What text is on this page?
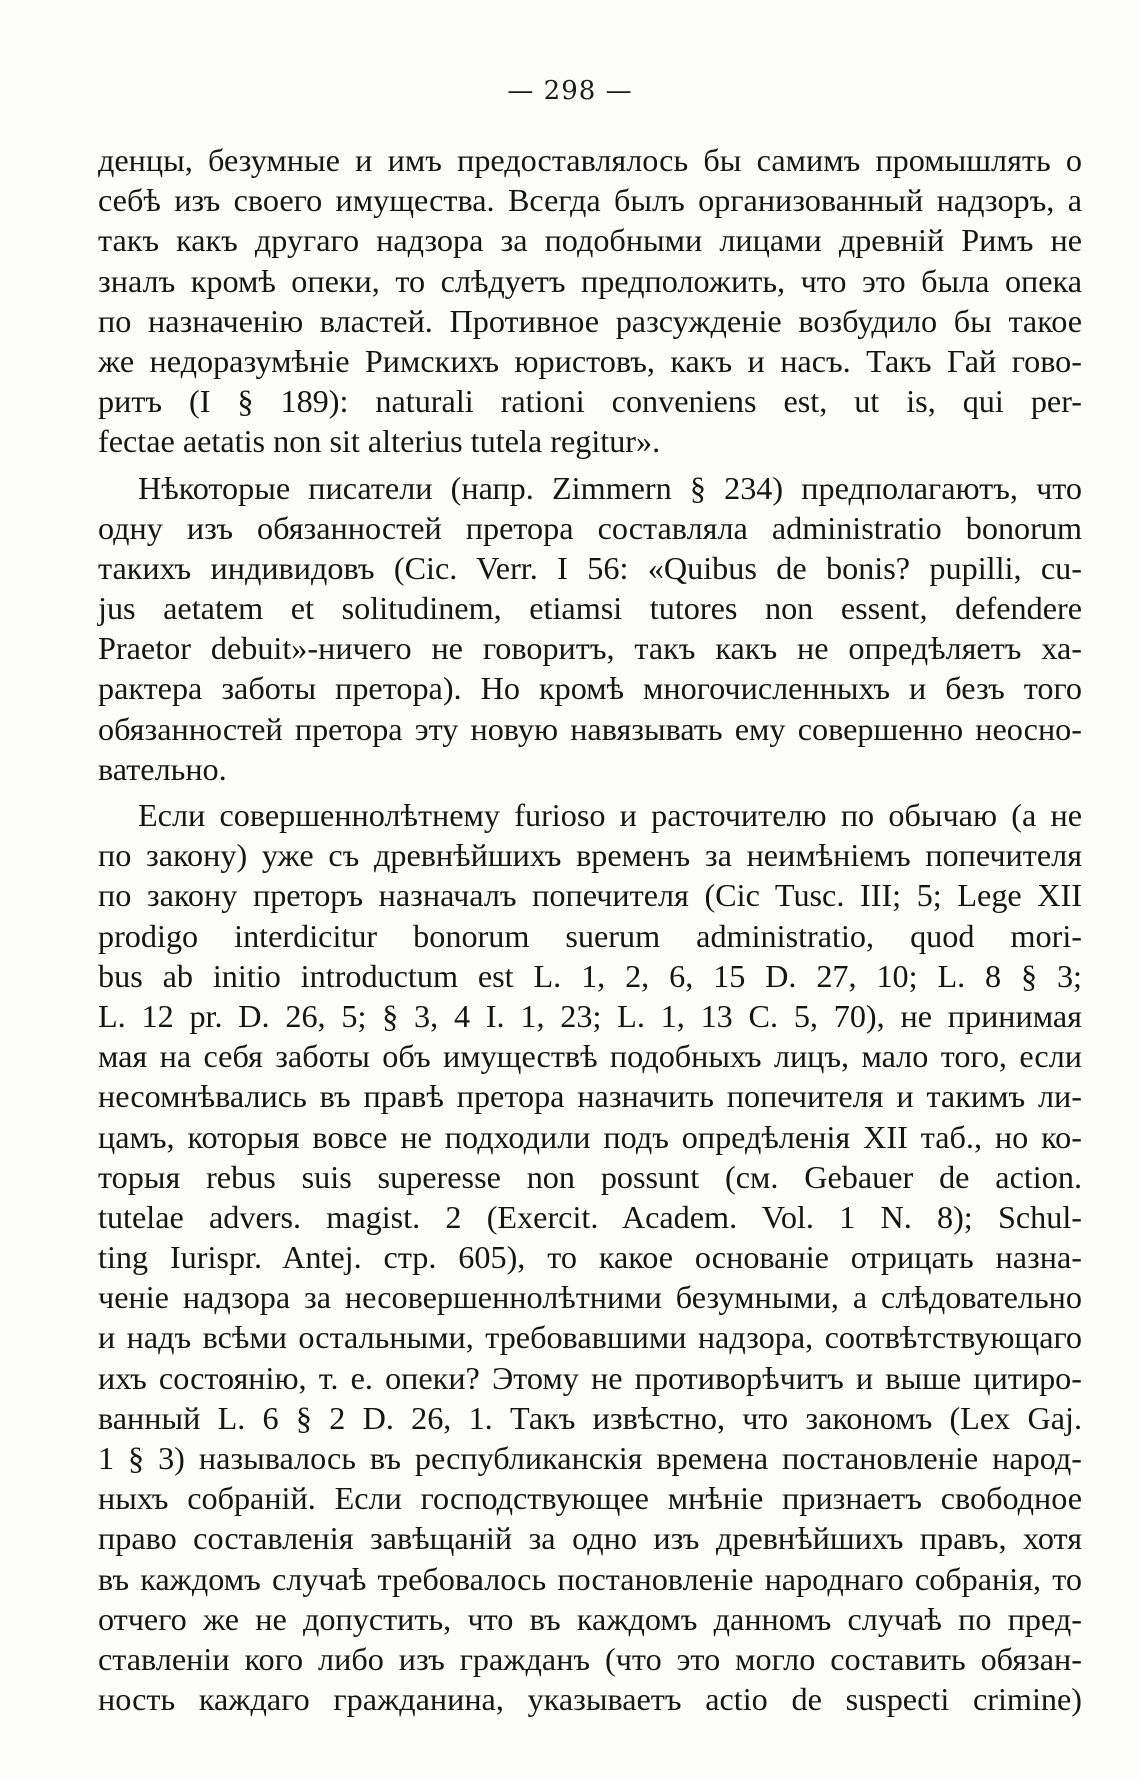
— 298 —
денцы, безумные и имъ предоставлялось бы самимъ промышлять о
себѣ изъ своего имущества. Всегда былъ организованный надзоръ, а
такъ какъ другаго надзора за подобными лицами древній Римъ не
зналъ кромѣ опеки, то слѣдуетъ предположить, что это была опека
по назначенію властей. Противное разсужденіе возбудило бы такое
же недоразумѣніе Римскихъ юристовъ, какъ и насъ. Такъ Гай гово-
ритъ (I § 189): naturali rationi conveniens est, ut is, qui per-
fectae aetatis non sit alterius tutela regitur».
Нѣкоторые писатели (напр. Zimmern § 234) предполагаютъ, что
одну изъ обязанностей претора составляла administratio bonorum
такихъ индивидовъ (Cic. Verr. I 56: «Quibus de bonis? pupilli, cu-
jus aetatem et solitudinem, etiamsi tutores non essent, defendere
Praetor debuit»-ничего не говоритъ, такъ какъ не опредѣляетъ ха-
рактера заботы претора). Но кромѣ многочисленныхъ и безъ того
обязанностей претора эту новую навязывать ему совершенно неосно-
вательно.
Если совершеннолѣтнему furioso и расточителю по обычаю (а не
по закону) уже съ древнѣйшихъ временъ за неимѣніемъ попечителя
по закону преторъ назначалъ попечителя (Cic Tusc. III; 5; Lege XII
prodigo interdicitur bonorum suerum administratio, quod mori-
bus ab initio introductum est L. 1, 2, 6, 15 D. 27, 10; L. 8 § 3;
L. 12 pr. D. 26, 5; § 3, 4 I. 1, 23; L. 1, 13 C. 5, 70), не принимая
мая на себя заботы объ имуществѣ подобныхъ лицъ, мало того, если
несомнѣвались въ правѣ претора назначить попечителя и такимъ ли-
цамъ, которыя вовсе не подходили подъ опредѣленія XII таб., но ко-
торыя rebus suis superesse non possunt (см. Gebauer de action.
tutelae advers. magist. 2 (Exercit. Academ. Vol. 1 N. 8); Schul-
ting Iurispr. Antej. стр. 605), то какое основаніе отрицать назна-
ченіе надзора за несовершеннолѣтними безумными, а слѣдовательно
и надъ всѣми остальными, требовавшими надзора, соотвѣтствующаго
ихъ состоянію, т. е. опеки? Этому не противорѣчитъ и выше цитиро-
ванный L. 6 § 2 D. 26, 1. Такъ извѣстно, что закономъ (Lex Gaj.
1 § 3) называлось въ республиканскія времена постановленіе народ-
ныхъ собраній. Если господствующее мнѣніе признаетъ свободное
право составленія завѣщаній за одно изъ древнѣйшихъ правъ, хотя
въ каждомъ случаѣ требовалось постановленіе народнаго собранія, то
отчего же не допустить, что въ каждомъ данномъ случаѣ по пред-
ставленіи кого либо изъ гражданъ (что это могло составить обязан-
ность каждаго гражданина, указываетъ actio de suspecti crimine)
